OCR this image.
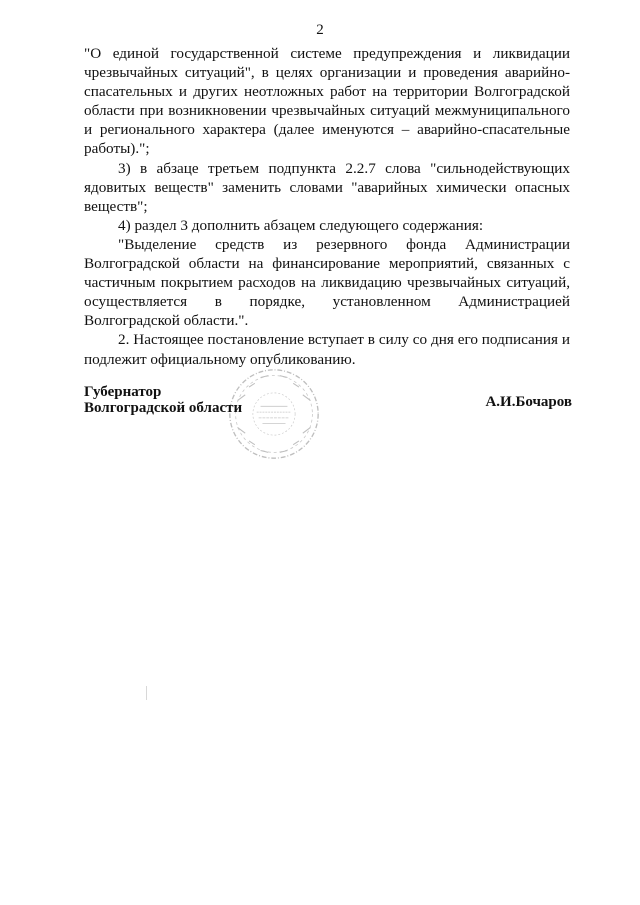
2

"О единой государственной системе предупреждения и ликвидации чрезвычайных ситуаций", в целях организации и проведения аварийно-спасательных и других неотложных работ на территории Волгоградской области при возникновении чрезвычайных ситуаций межмуниципального и регионального характера (далее именуются – аварийно-спасательные работы).";

3) в абзаце третьем подпункта 2.2.7 слова "сильнодействующих ядовитых веществ" заменить словами "аварийных химически опасных веществ";

4) раздел 3 дополнить абзацем следующего содержания:

"Выделение средств из резервного фонда Администрации Волгоградской области на финансирование мероприятий, связанных с частичным покрытием расходов на ликвидацию чрезвычайных ситуаций, осуществляется в порядке, установленном Администрацией Волгоградской области.".

2. Настоящее постановление вступает в силу со дня его подписания и подлежит официальному опубликованию.

Губернатор
Волгоградской области	А.И.Бочаров
